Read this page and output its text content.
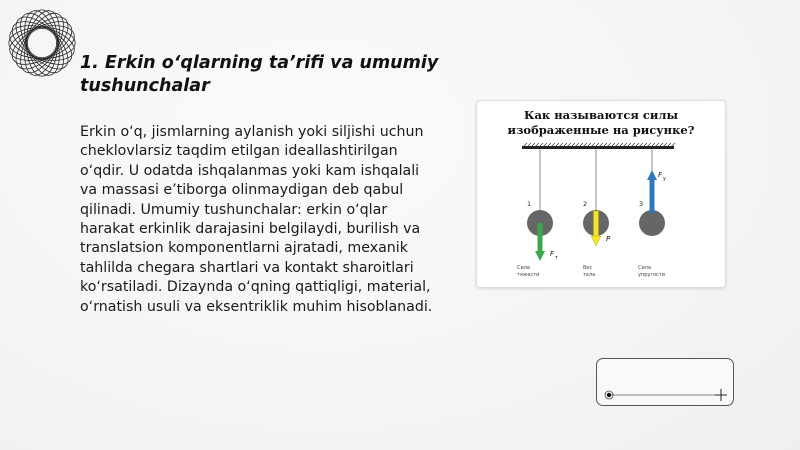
1. Erkin o‘qlarning ta’rifi va umumiy tushunchalar
Erkin o‘q, jismlarning aylanish yoki siljishi uchun cheklovlarsiz taqdim etilgan ideallashtirilgan o‘qdir. U odatda ishqalanmas yoki kam ishqalali va massasi e’tiborga olinmaydigan deb qabul qilinadi. Umumiy tushunchalar: erkin o‘qlar harakat erkinlik darajasini belgilaydi, burilish va translatsion komponentlarni ajratadi, mexanik tahlilda chegara shartlari va kontakt sharoitlari ko‘rsatiladi. Dizaynda o‘qning qattiqligi, material, o‘rnatish usuli va eksentriklik muhim hisoblanadi.
Как называются силы
изображенные на рисунке?
1
F т
Сила
тяжести
2
P
Вес
тела
3
F у
Сила
упругости
